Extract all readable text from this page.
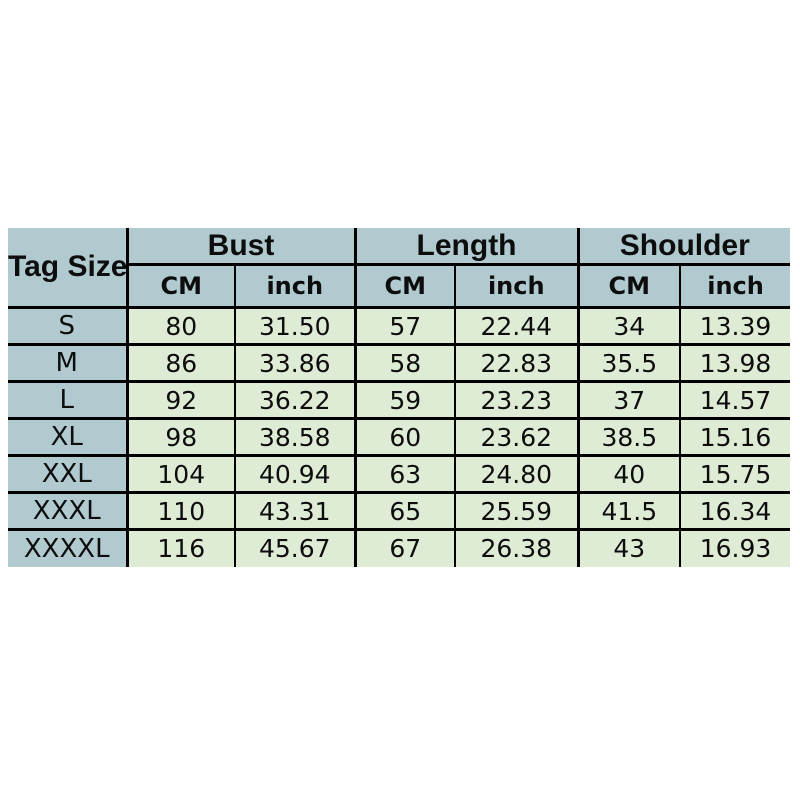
Tag Size	Bust		Length		Shoulder	
	CM	inch	CM	inch	CM	inch
S	80	31.50	57	22.44	34	13.39
M	86	33.86	58	22.83	35.5	13.98
L	92	36.22	59	23.23	37	14.57
XL	98	38.58	60	23.62	38.5	15.16
XXL	104	40.94	63	24.80	40	15.75
XXXL	110	43.31	65	25.59	41.5	16.34
XXXXL	116	45.67	67	26.38	43	16.93
